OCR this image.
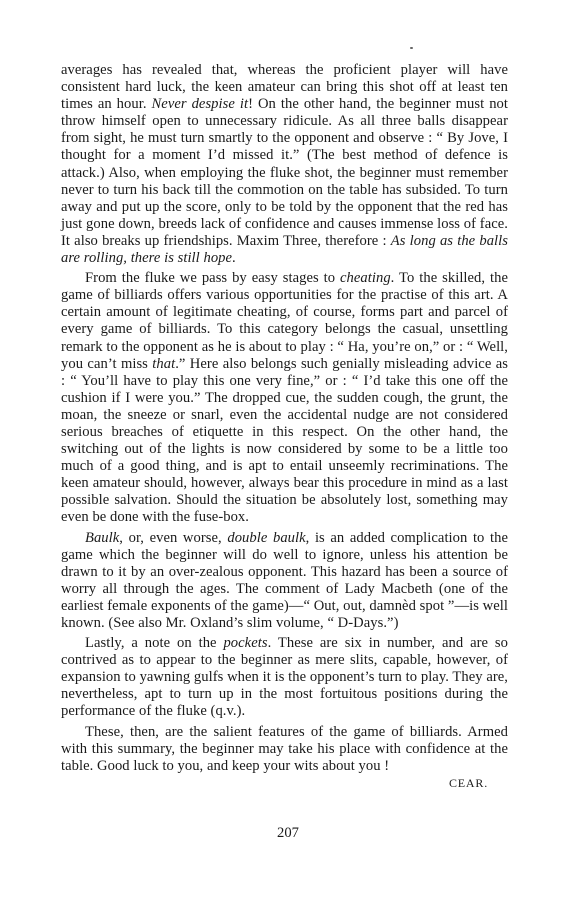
averages has revealed that, whereas the proficient player will have consistent hard luck, the keen amateur can bring this shot off at least ten times an hour. Never despise it! On the other hand, the beginner must not throw himself open to unnecessary ridicule. As all three balls disappear from sight, he must turn smartly to the opponent and observe : “ By Jove, I thought for a moment I’d missed it.” (The best method of defence is attack.) Also, when employing the fluke shot, the beginner must remember never to turn his back till the commotion on the table has subsided. To turn away and put up the score, only to be told by the opponent that the red has just gone down, breeds lack of confidence and causes immense loss of face. It also breaks up friendships. Maxim Three, therefore : As long as the balls are rolling, there is still hope.

From the fluke we pass by easy stages to cheating. To the skilled, the game of billiards offers various opportunities for the practise of this art. A certain amount of legitimate cheating, of course, forms part and parcel of every game of billiards. To this category belongs the casual, unsettling remark to the opponent as he is about to play : “ Ha, you’re on,” or : “ Well, you can’t miss that.” Here also belongs such genially misleading advice as : “ You’ll have to play this one very fine,” or : “ I’d take this one off the cushion if I were you.” The dropped cue, the sudden cough, the grunt, the moan, the sneeze or snarl, even the accidental nudge are not considered serious breaches of etiquette in this respect. On the other hand, the switching out of the lights is now considered by some to be a little too much of a good thing, and is apt to entail unseemly recriminations. The keen amateur should, however, always bear this procedure in mind as a last possible salvation. Should the situation be absolutely lost, something may even be done with the fuse-box.

Baulk, or, even worse, double baulk, is an added complication to the game which the beginner will do well to ignore, unless his attention be drawn to it by an over-zealous opponent. This hazard has been a source of worry all through the ages. The comment of Lady Macbeth (one of the earliest female exponents of the game)—“ Out, out, damnèd spot ”—is well known. (See also Mr. Oxland’s slim volume, “ D-Days.”)

Lastly, a note on the pockets. These are six in number, and are so contrived as to appear to the beginner as mere slits, capable, however, of expansion to yawning gulfs when it is the opponent’s turn to play. They are, nevertheless, apt to turn up in the most fortuitous positions during the performance of the fluke (q.v.).

These, then, are the salient features of the game of billiards. Armed with this summary, the beginner may take his place with confidence at the table. Good luck to you, and keep your wits about you !

CEAR.
207
